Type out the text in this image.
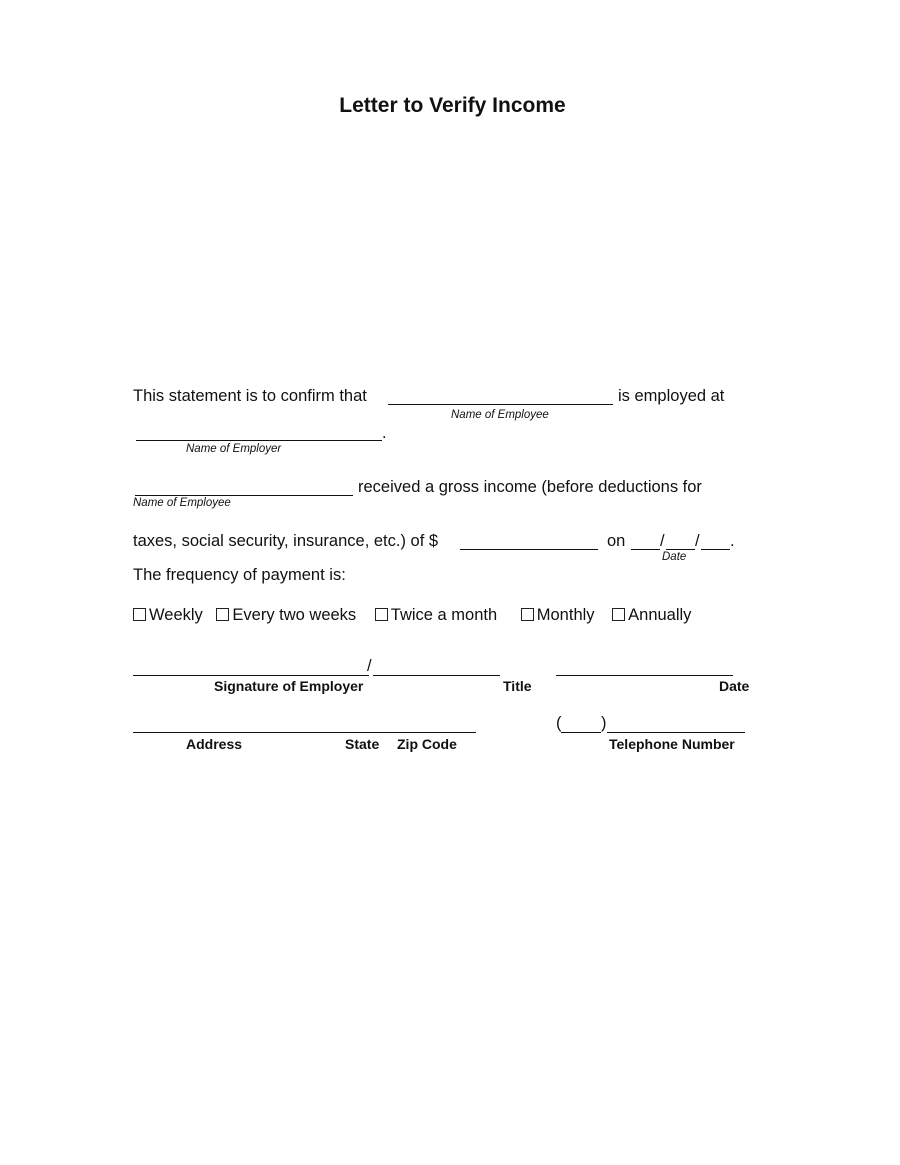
Letter to Verify Income
This statement is to confirm that	is employed at
Name of Employee
.
Name of Employer
received a gross income (before deductions for
Name of Employee
taxes, social security, insurance, etc.) of $	on / / .
Date
The frequency of payment is:
Weekly Every two weeks Twice a month Monthly Annually
/
Signature of Employer	Title	Date
( )
Address	State Zip Code	Telephone Number
